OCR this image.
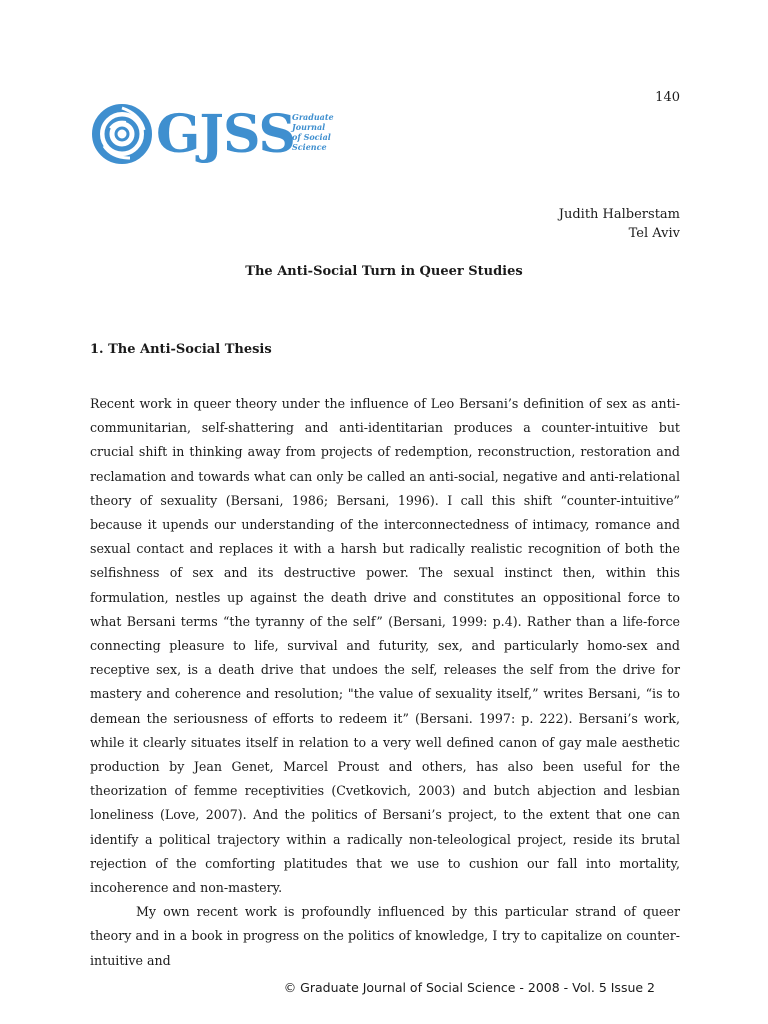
140
GJSS
Graduate
Journal
of Social
Science
Judith Halberstam
Tel Aviv
The Anti-Social Turn in Queer Studies
1. The Anti-Social Thesis

Recent work in queer theory under the influence of Leo Bersani’s definition of sex as anti-communitarian, self-shattering and anti-identitarian produces a counter-intuitive but crucial shift in thinking away from projects of redemption, reconstruction, restoration and reclamation and towards what can only be called an anti-social, negative and anti-relational theory of sexuality (Bersani, 1986; Bersani, 1996). I call this shift “counter-intuitive” because it upends our understanding of the interconnectedness of intimacy, romance and sexual contact and replaces it with a harsh but radically realistic recognition of both the selfishness of sex and its destructive power. The sexual instinct then, within this formulation, nestles up against the death drive and constitutes an oppositional force to what Bersani terms “the tyranny of the self” (Bersani, 1999: p.4). Rather than a life-force connecting pleasure to life, survival and futurity, sex, and particularly homo-sex and receptive sex, is a death drive that undoes the self, releases the self from the drive for mastery and coherence and resolution; "the value of sexuality itself,” writes Bersani, “is to demean the seriousness of efforts to redeem it” (Bersani. 1997: p. 222). Bersani’s work, while it clearly situates itself in relation to a very well defined canon of gay male aesthetic production by Jean Genet, Marcel Proust and others, has also been useful for the theorization of femme receptivities (Cvetkovich, 2003) and butch abjection and lesbian loneliness (Love, 2007). And the politics of Bersani’s project, to the extent that one can identify a political trajectory within a radically non-teleological project, reside its brutal rejection of the comforting platitudes that we use to cushion our fall into mortality, incoherence and non-mastery.

My own recent work is profoundly influenced by this particular strand of queer theory and in a book in progress on the politics of knowledge, I try to capitalize on counter-intuitive and

© Graduate Journal of Social Science - 2008 - Vol. 5 Issue 2
